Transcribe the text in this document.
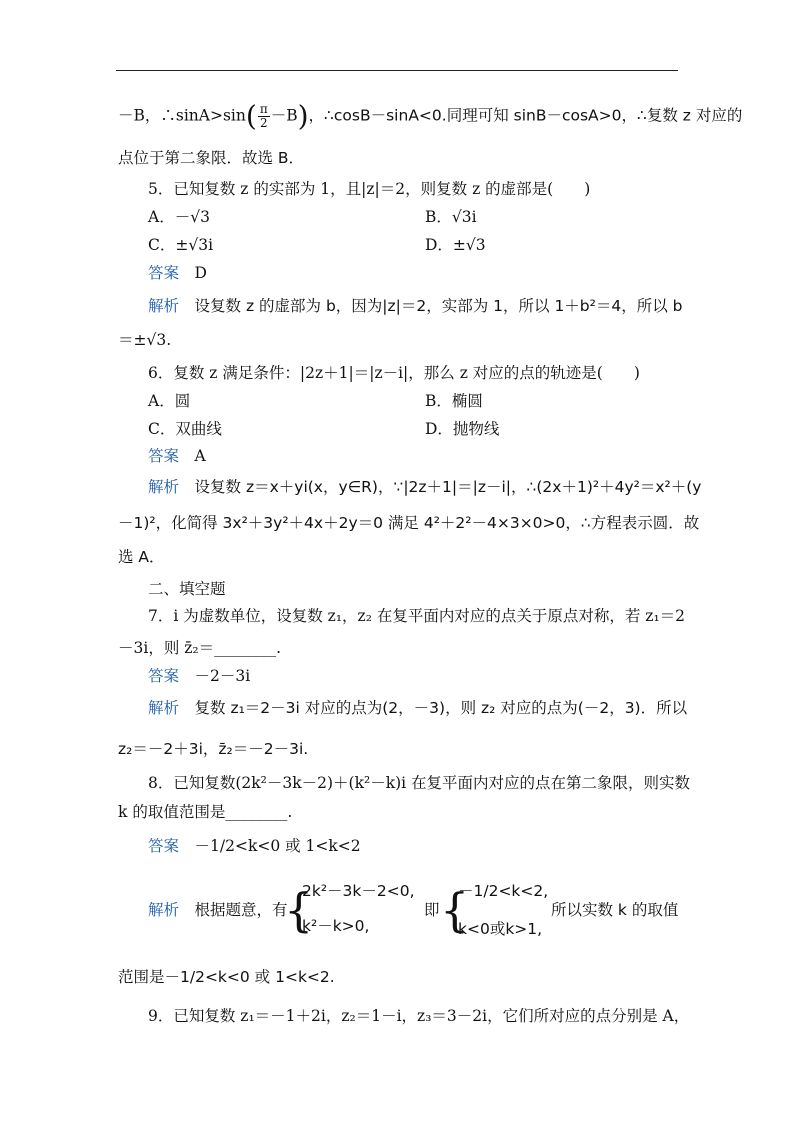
－B，∴sinA>sin( $\frac{\pi}{2} -B$)，∴cosB－sinA<0.同理可知 sinB－cosA>0，∴复数 z 对应的
点位于第二象限．故选 B．
5．已知复数 z 的实部为 1，且|z|＝2，则复数 z 的虚部是(　　)
A．－√3	B．√3i
C．±√3i	D．±√3
答案　 D
解析　 设复数 z 的虚部为 b，因为|z|＝2，实部为 1，所以 1＋b²＝4，所以 b
＝±√3.
6．复数 z 满足条件：|2z＋1|＝|z－i|，那么 z 对应的点的轨迹是(　　)
A．圆	B．椭圆
C．双曲线	D．抛物线
答案　 A
解析　 设复数 z＝x＋yi(x，y∈R)，∵|2z＋1|＝|z－i|，∴(2x＋1)²＋4y²＝x²＋(y
－1)²，化简得 3x²＋3y²＋4x＋2y＝0 满足 4²＋2²－4×3×0>0，∴方程表示圆．故
选 A．
二、填空题
7．i 为虚数单位，设复数 z₁，z₂ 在复平面内对应的点关于原点对称，若 z₁＝2
－3i，则 z̄₂＝________.
答案　 －2－3i
解析　 复数 z₁＝2－3i 对应的点为(2，－3)，则 z₂ 对应的点为(－2，3)．所以
z₂＝－2＋3i，z̄₂＝－2－3i.
8．已知复数(2k²－3k－2)＋(k²－k)i 在复平面内对应的点在第二象限，则实数
k 的取值范围是________.
答案　 －1/2<k<0 或 1<k<2
解析　 根据题意，有
{
2k²－3k－2<0,
k²－k>0,
即 {
－1/2<k<2,
k<0或k>1,
所以实数 k 的取值
范围是－1/2<k<0 或 1<k<2.
9．已知复数 z₁＝－1＋2i，z₂＝1－i，z₃＝3－2i，它们所对应的点分别是 A，
